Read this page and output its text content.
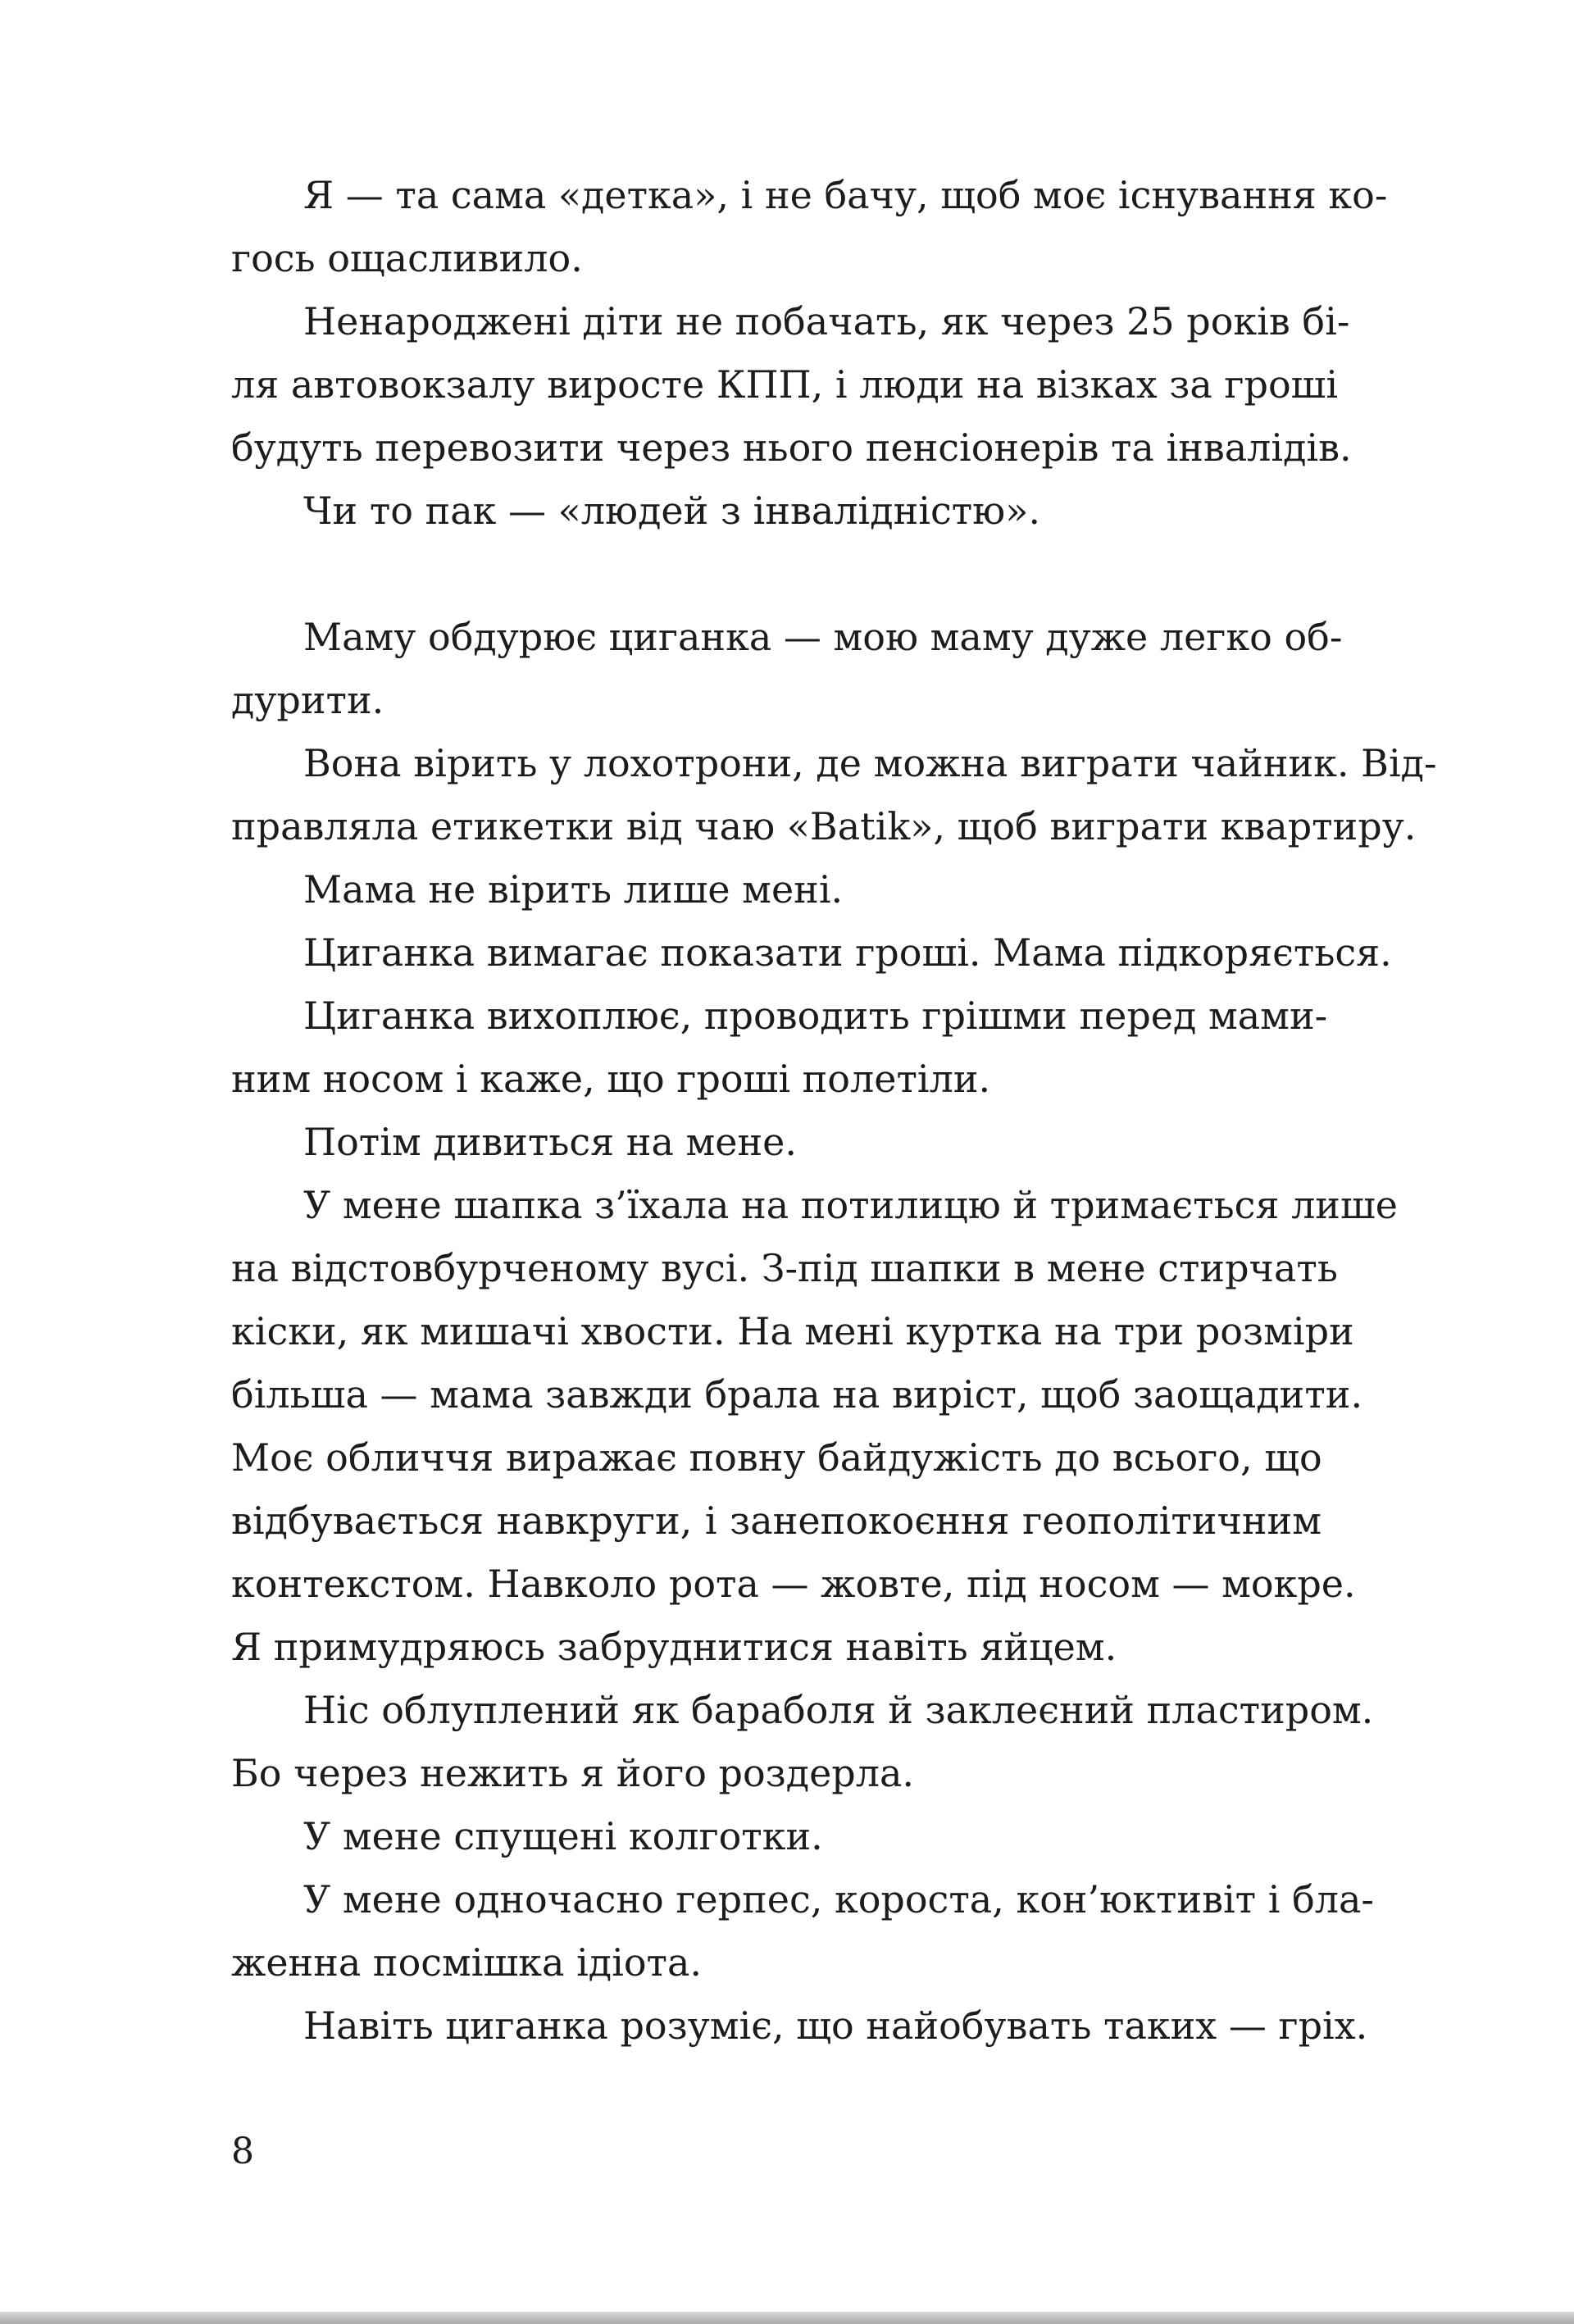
Я — та сама «детка», і не бачу, щоб моє існування ко-
гось ощасливило.
Ненароджені діти не побачать, як через 25 років бі-
ля автовокзалу виросте КПП, і люди на візках за гроші
будуть перевозити через нього пенсіонерів та інвалідів.
Чи то пак — «людей з інвалідністю».
Маму обдурює циганка — мою маму дуже легко об-
дурити.
Вона вірить у лохотрони, де можна виграти чайник. Від-
правляла етикетки від чаю «Batik», щоб виграти квартиру.
Мама не вірить лише мені.
Циганка вимагає показати гроші. Мама підкоряється.
Циганка вихоплює, проводить грішми перед мами-
ним носом і каже, що гроші полетіли.
Потім дивиться на мене.
У мене шапка з’їхала на потилицю й тримається лише
на відстовбурченому вусі. З-під шапки в мене стирчать
кіски, як мишачі хвости. На мені куртка на три розміри
більша — мама завжди брала на виріст, щоб заощадити.
Моє обличчя виражає повну байдужість до всього, що
відбувається навкруги, і занепокоєння геополітичним
контекстом. Навколо рота — жовте, під носом — мокре.
Я примудряюсь забруднитися навіть яйцем.
Ніс облуплений як бараболя й заклеєний пластиром.
Бо через нежить я його роздерла.
У мене спущені колготки.
У мене одночасно герпес, короста, кон’юктивіт і бла-
женна посмішка ідіота.
Навіть циганка розуміє, що найобувать таких — гріх.
8
